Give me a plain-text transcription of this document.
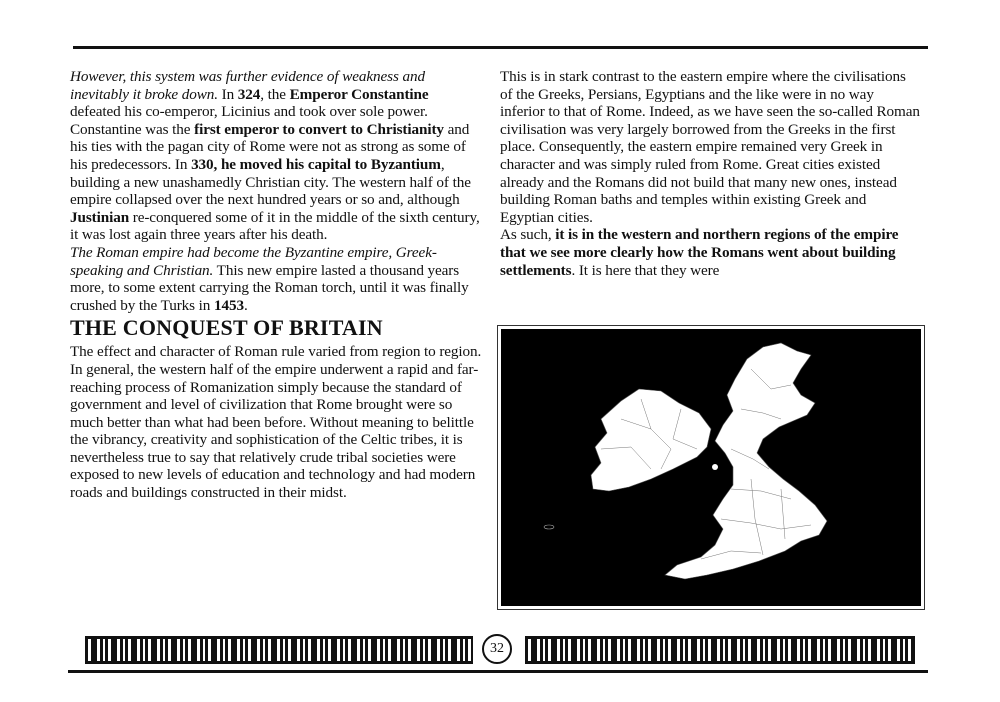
However, this system was further evidence of weakness and inevitably it broke down. In 324, the Emperor Constantine defeated his co-emperor, Licinius and took over sole power. Constantine was the first emperor to convert to Christianity and his ties with the pagan city of Rome were not as strong as some of his predecessors. In 330, he moved his capital to Byzantium, building a new unashamedly Christian city. The western half of the empire collapsed over the next hundred years or so and, although Justinian re-conquered some of it in the middle of the sixth century, it was lost again three years after his death.

The Roman empire had become the Byzantine empire, Greek-speaking and Christian. This new empire lasted a thousand years more, to some extent carrying the Roman torch, until it was finally crushed by the Turks in 1453.

THE CONQUEST OF BRITAIN

The effect and character of Roman rule varied from region to region. In general, the western half of the empire underwent a rapid and far-reaching process of Romanization simply because the standard of government and level of civilization that Rome brought were so much better than what had been before. Without meaning to belittle the vibrancy, creativity and sophistication of the Celtic tribes, it is nevertheless true to say that relatively crude tribal societies were exposed to new levels of education and technology and had modern roads and buildings constructed in their midst.

This is in stark contrast to the eastern empire where the civilisations of the Greeks, Persians, Egyptians and the like were in no way inferior to that of Rome. Indeed, as we have seen the so-called Roman civilisation was very largely borrowed from the Greeks in the first place. Consequently, the eastern empire remained very Greek in character and was simply ruled from Rome. Great cities existed already and the Romans did not build that many new ones, instead building Roman baths and temples within existing Greek and Egyptian cities.

As such, it is in the western and northern regions of the empire that we see more clearly how the Romans went about building settlements. It is here that they were

32
